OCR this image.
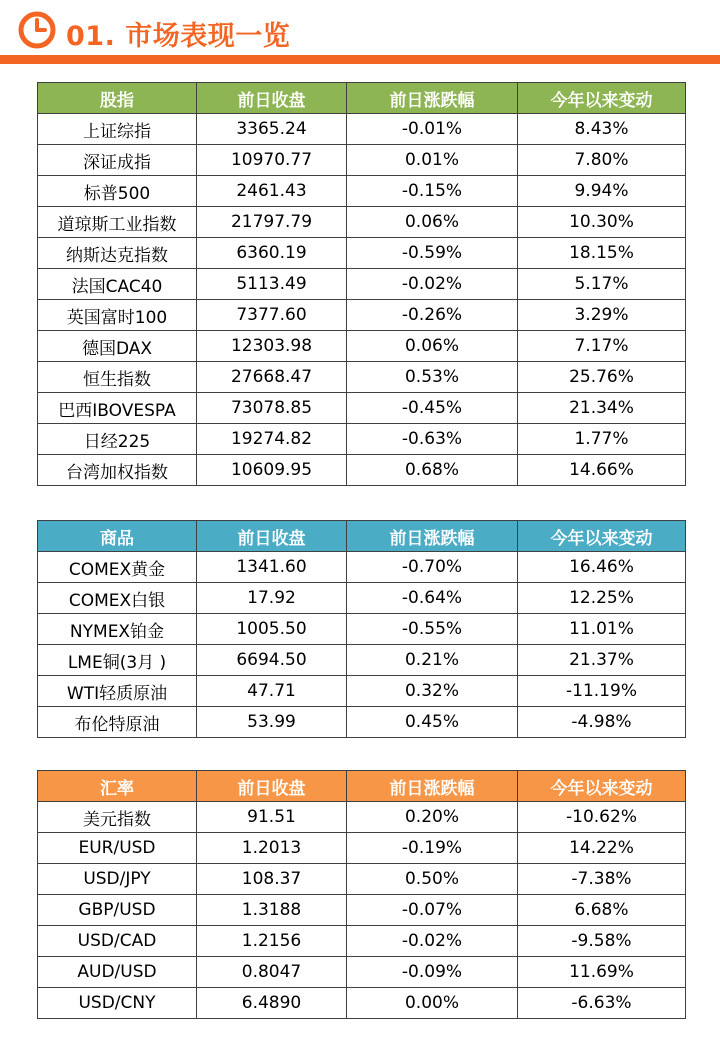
01. 市场表现一览
股指	前日收盘	前日涨跌幅	今年以来变动
上证综指	3365.24	-0.01%	8.43%
深证成指	10970.77	0.01%	7.80%
标普500	2461.43	-0.15%	9.94%
道琼斯工业指数	21797.79	0.06%	10.30%
纳斯达克指数	6360.19	-0.59%	18.15%
法国CAC40	5113.49	-0.02%	5.17%
英国富时100	7377.60	-0.26%	3.29%
德国DAX	12303.98	0.06%	7.17%
恒生指数	27668.47	0.53%	25.76%
巴西IBOVESPA	73078.85	-0.45%	21.34%
日经225	19274.82	-0.63%	1.77%
台湾加权指数	10609.95	0.68%	14.66%
商品	前日收盘	前日涨跌幅	今年以来变动
COMEX黄金	1341.60	-0.70%	16.46%
COMEX白银	17.92	-0.64%	12.25%
NYMEX铂金	1005.50	-0.55%	11.01%
LME铜(3月 )	6694.50	0.21%	21.37%
WTI轻质原油	47.71	0.32%	-11.19%
布伦特原油	53.99	0.45%	-4.98%
汇率	前日收盘	前日涨跌幅	今年以来变动
美元指数	91.51	0.20%	-10.62%
EUR/USD	1.2013	-0.19%	14.22%
USD/JPY	108.37	0.50%	-7.38%
GBP/USD	1.3188	-0.07%	6.68%
USD/CAD	1.2156	-0.02%	-9.58%
AUD/USD	0.8047	-0.09%	11.69%
USD/CNY	6.4890	0.00%	-6.63%
